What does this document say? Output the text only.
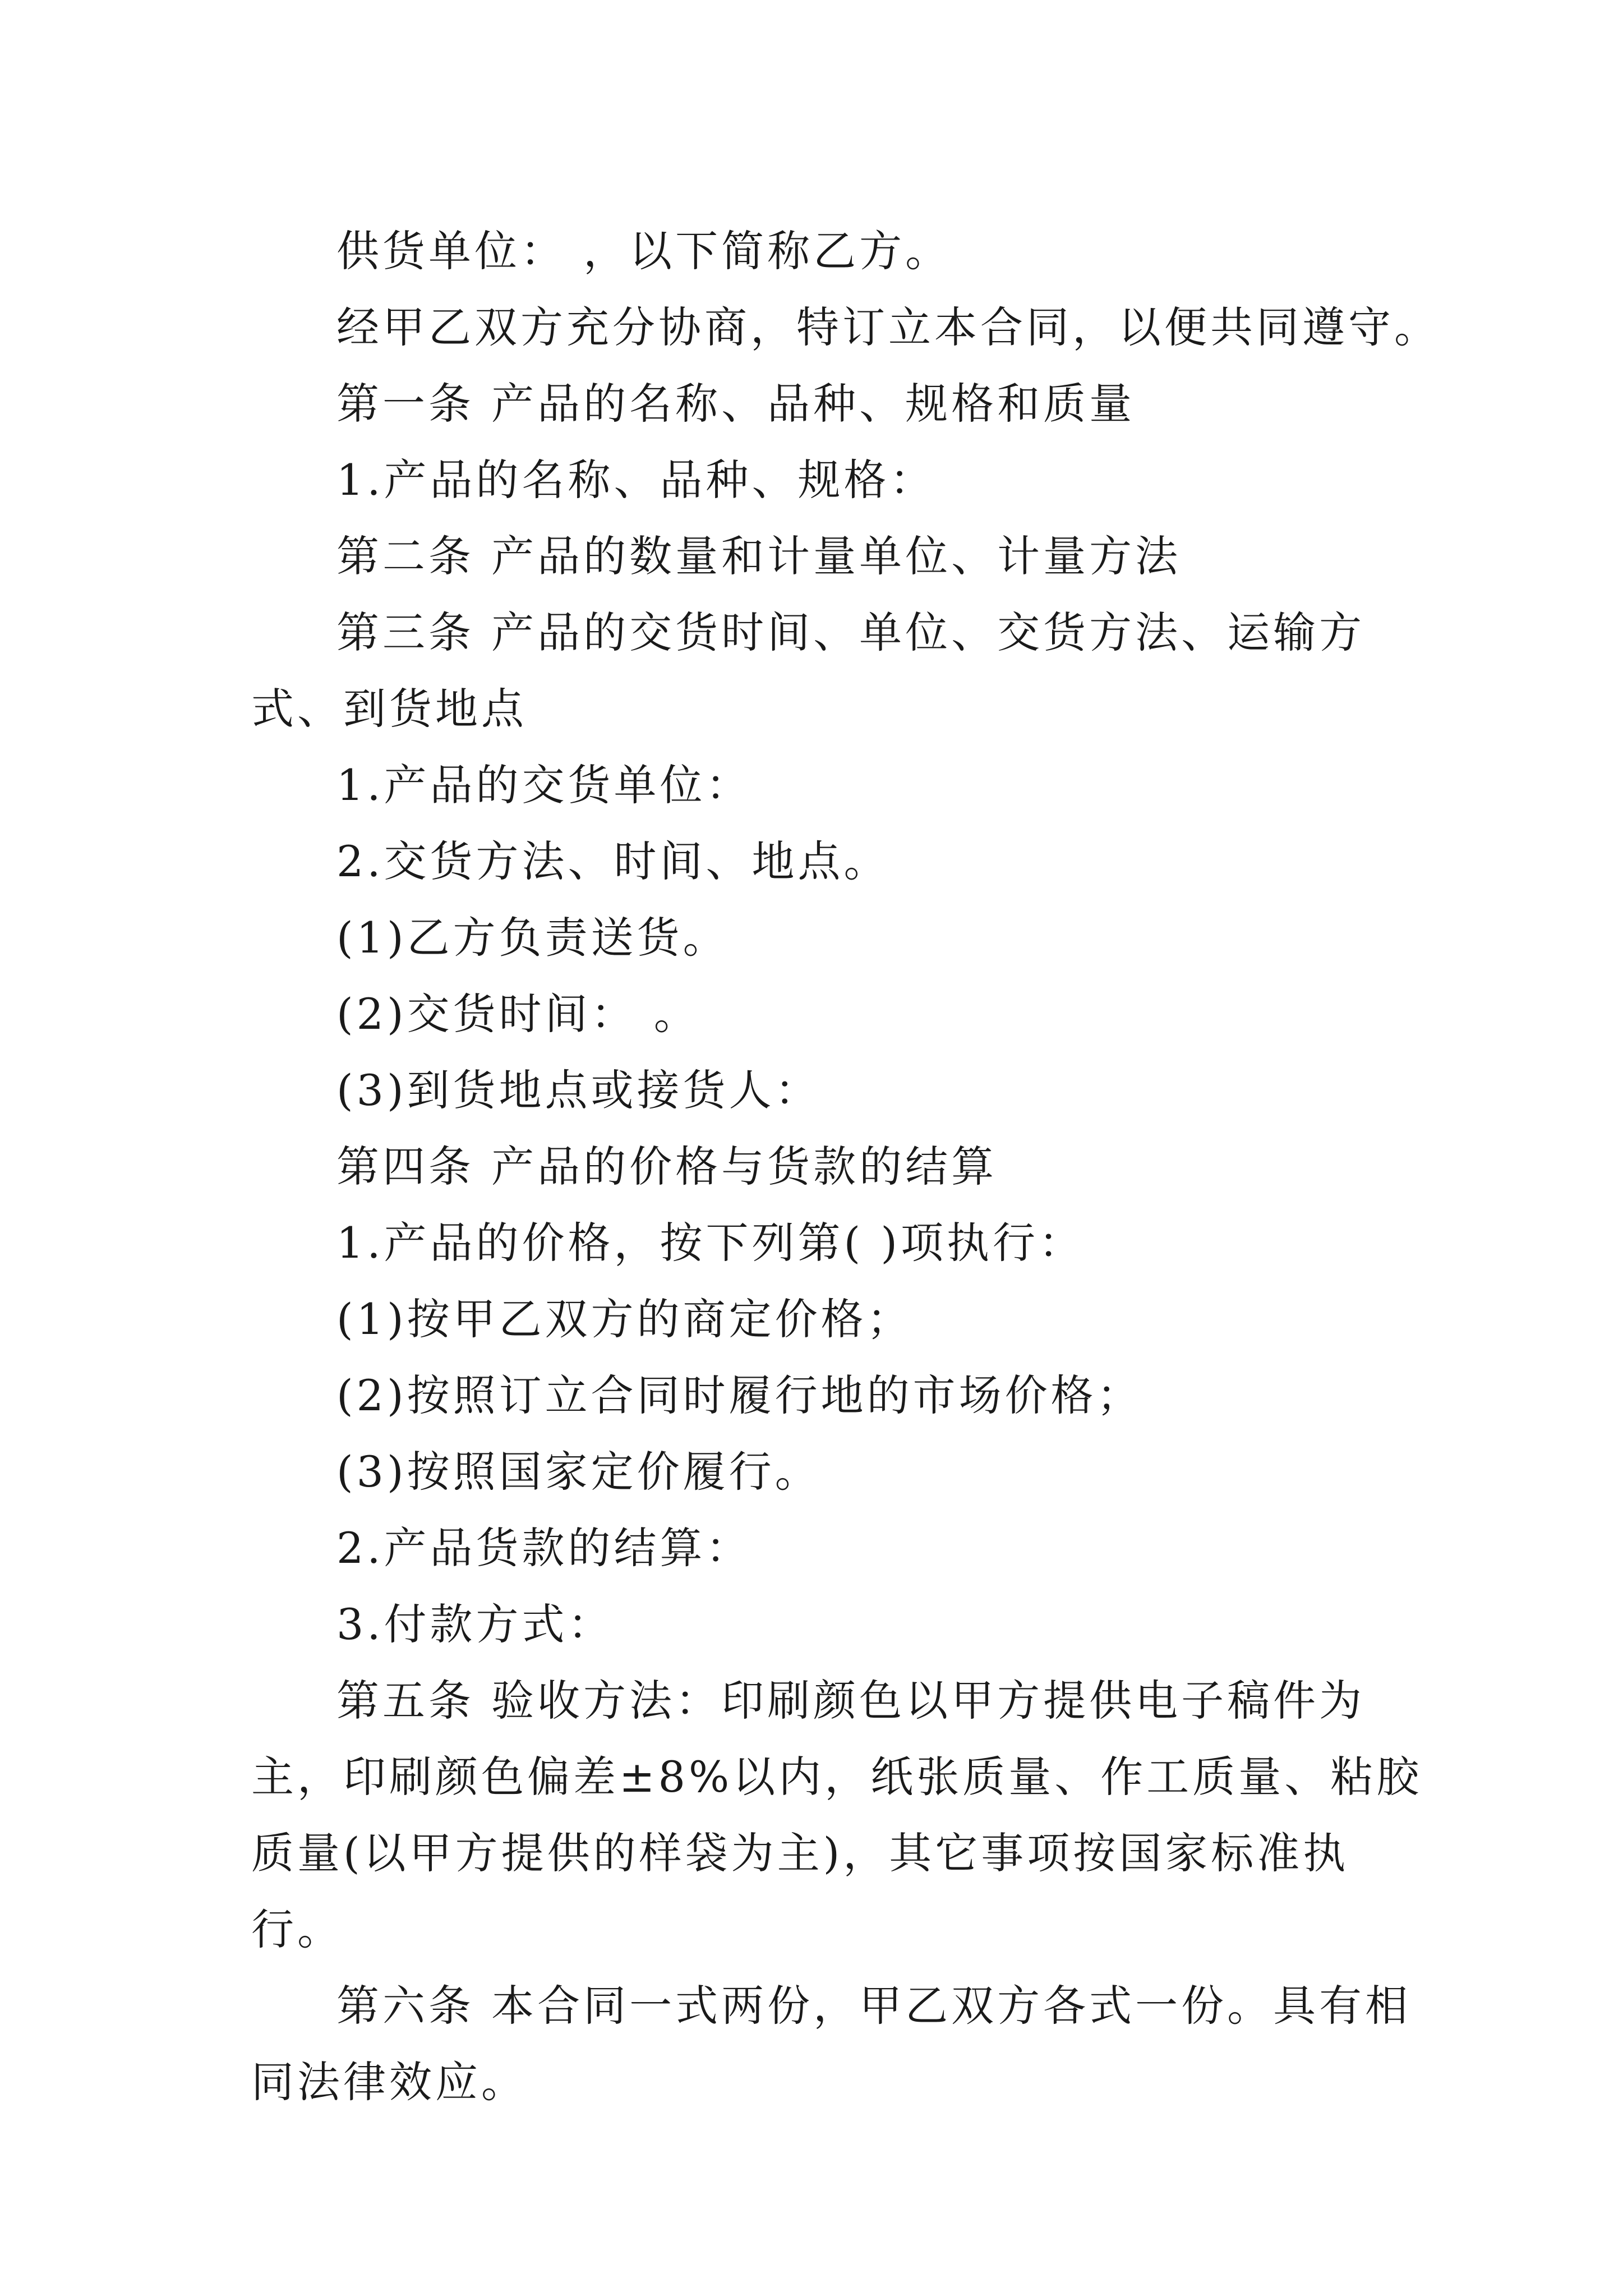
供货单位： ，以下简称乙方。

经甲乙双方充分协商，特订立本合同，以便共同遵守。

第一条 产品的名称、品种、规格和质量

1.产品的名称、品种、规格：

第二条 产品的数量和计量单位、计量方法

第三条 产品的交货时间、单位、交货方法、运输方式、到货地点

1.产品的交货单位：

2.交货方法、时间、地点。

(1)乙方负责送货。

(2)交货时间： 。

(3)到货地点或接货人：

第四条 产品的价格与货款的结算

1.产品的价格，按下列第( )项执行：

(1)按甲乙双方的商定价格；

(2)按照订立合同时履行地的市场价格；

(3)按照国家定价履行。

2.产品货款的结算：

3.付款方式：

第五条 验收方法：印刷颜色以甲方提供电子稿件为主，印刷颜色偏差±8%以内，纸张质量、作工质量、粘胶质量(以甲方提供的样袋为主)，其它事项按国家标准执行。

第六条 本合同一式两份，甲乙双方各式一份。具有相同法律效应。
